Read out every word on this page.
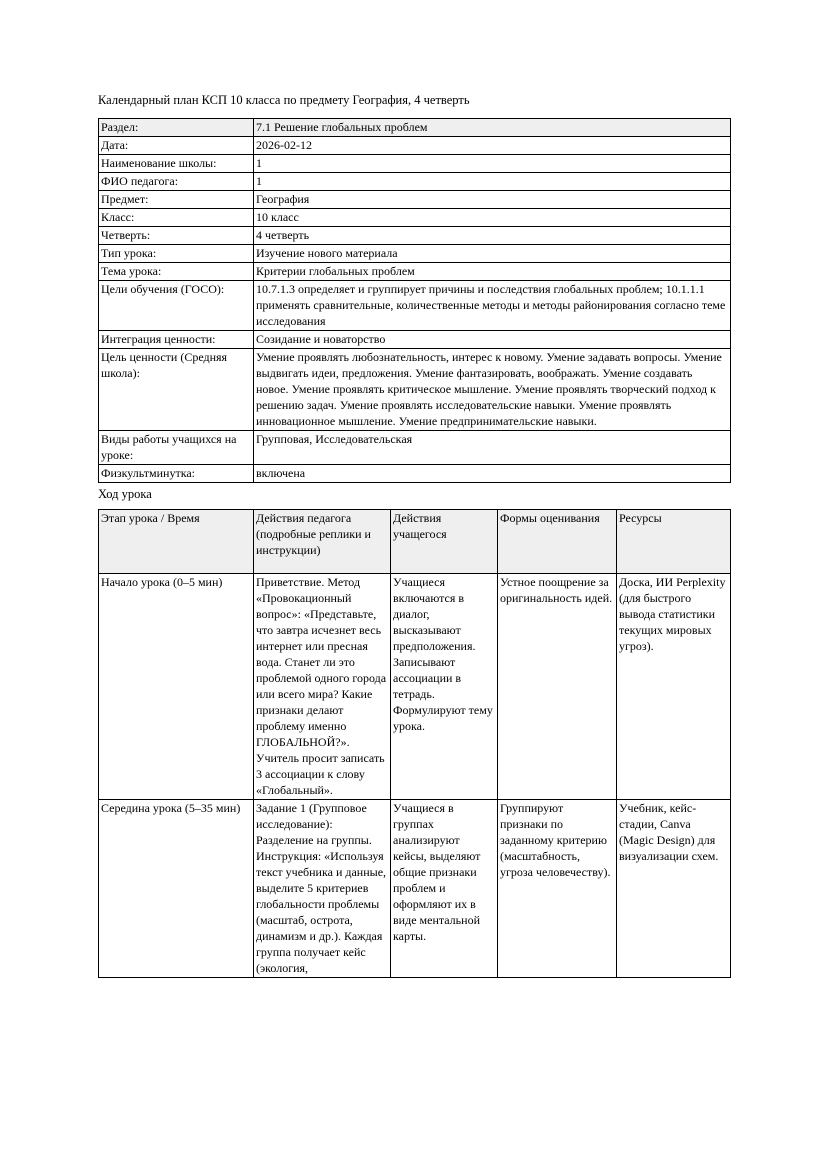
Календарный план КСП 10 класса по предмету География, 4 четверть

Раздел:	7.1 Решение глобальных проблем
Дата:	2026-02-12
Наименование школы:	1
ФИО педагога:	1
Предмет:	География
Класс:	10 класс
Четверть:	4 четверть
Тип урока:	Изучение нового материала
Тема урока:	Критерии глобальных проблем
Цели обучения (ГОСО):	10.7.1.3 определяет и группирует причины и последствия глобальных проблем; 10.1.1.1 применять сравнительные, количественные методы и методы районирования согласно теме исследования
Интеграция ценности:	Созидание и новаторство
Цель ценности (Средняя школа):	Умение проявлять любознательность, интерес к новому. Умение задавать вопросы. Умение выдвигать идеи, предложения. Умение фантазировать, воображать. Умение создавать новое. Умение проявлять критическое мышление. Умение проявлять творческий подход к решению задач. Умение проявлять исследовательские навыки. Умение проявлять инновационное мышление. Умение предпринимательские навыки.
Виды работы учащихся на уроке:	Групповая, Исследовательская
Физкультминутка:	включена

Ход урока

Этап урока / Время	Действия педагога (подробные реплики и инструкции)	Действия учащегося	Формы оценивания	Ресурсы
Начало урока (0–5 мин)	Приветствие. Метод «Провокационный вопрос»: «Представьте, что завтра исчезнет весь интернет или пресная вода. Станет ли это проблемой одного города или всего мира? Какие признаки делают проблему именно ГЛОБАЛЬНОЙ?». Учитель просит записать 3 ассоциации к слову «Глобальный».	Учащиеся включаются в диалог, высказывают предположения. Записывают ассоциации в тетрадь. Формулируют тему урока.	Устное поощрение за оригинальность идей.	Доска, ИИ Perplexity (для быстрого вывода статистики текущих мировых угроз).
Середина урока (5–35 мин)	Задание 1 (Групповое исследование): Разделение на группы. Инструкция: «Используя текст учебника и данные, выделите 5 критериев глобальности проблемы (масштаб, острота, динамизм и др.). Каждая группа получает кейс (экология,	Учащиеся в группах анализируют кейсы, выделяют общие признаки проблем и оформляют их в виде ментальной карты.	Группируют признаки по заданному критерию (масштабность, угроза человечеству).	Учебник, кейс-стадии, Canva (Magic Design) для визуализации схем.
